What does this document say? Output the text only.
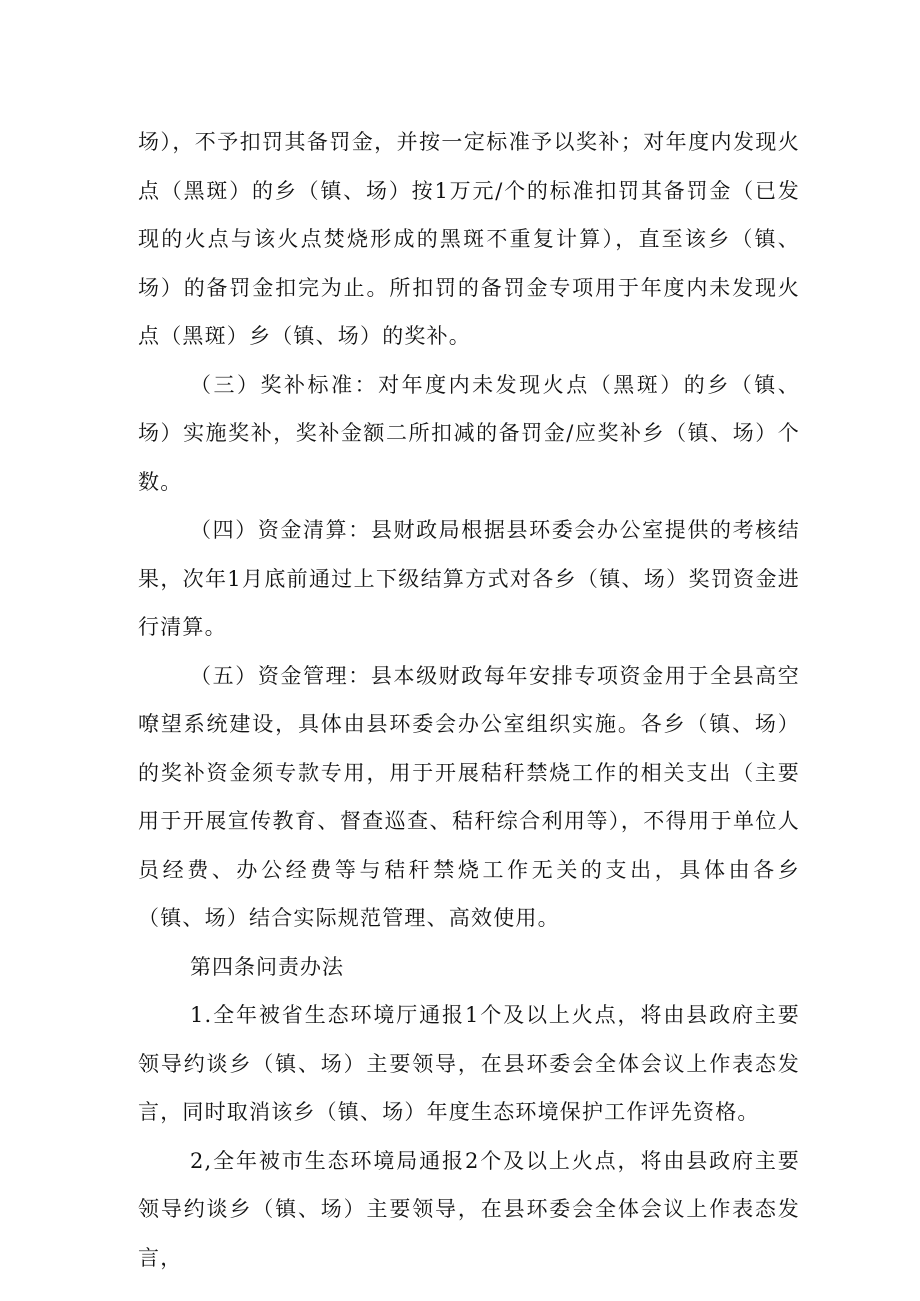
场），不予扣罚其备罚金，并按一定标准予以奖补；对年度内发现火点（黑斑）的乡（镇、场）按1万元/个的标准扣罚其备罚金（已发现的火点与该火点焚烧形成的黑斑不重复计算），直至该乡（镇、场）的备罚金扣完为止。所扣罚的备罚金专项用于年度内未发现火点（黑斑）乡（镇、场）的奖补。

（三）奖补标准：对年度内未发现火点（黑斑）的乡（镇、场）实施奖补，奖补金额二所扣减的备罚金/应奖补乡（镇、场）个数。

（四）资金清算：县财政局根据县环委会办公室提供的考核结果，次年1月底前通过上下级结算方式对各乡（镇、场）奖罚资金进行清算。

（五）资金管理：县本级财政每年安排专项资金用于全县高空嘹望系统建设，具体由县环委会办公室组织实施。各乡（镇、场）的奖补资金须专款专用，用于开展秸秆禁烧工作的相关支出（主要用于开展宣传教育、督查巡查、秸秆综合利用等），不得用于单位人员经费、办公经费等与秸秆禁烧工作无关的支出，具体由各乡（镇、场）结合实际规范管理、高效使用。

第四条问责办法

1.全年被省生态环境厅通报1个及以上火点，将由县政府主要领导约谈乡（镇、场）主要领导，在县环委会全体会议上作表态发言，同时取消该乡（镇、场）年度生态环境保护工作评先资格。

2,全年被市生态环境局通报2个及以上火点，将由县政府主要领导约谈乡（镇、场）主要领导，在县环委会全体会议上作表态发言，
